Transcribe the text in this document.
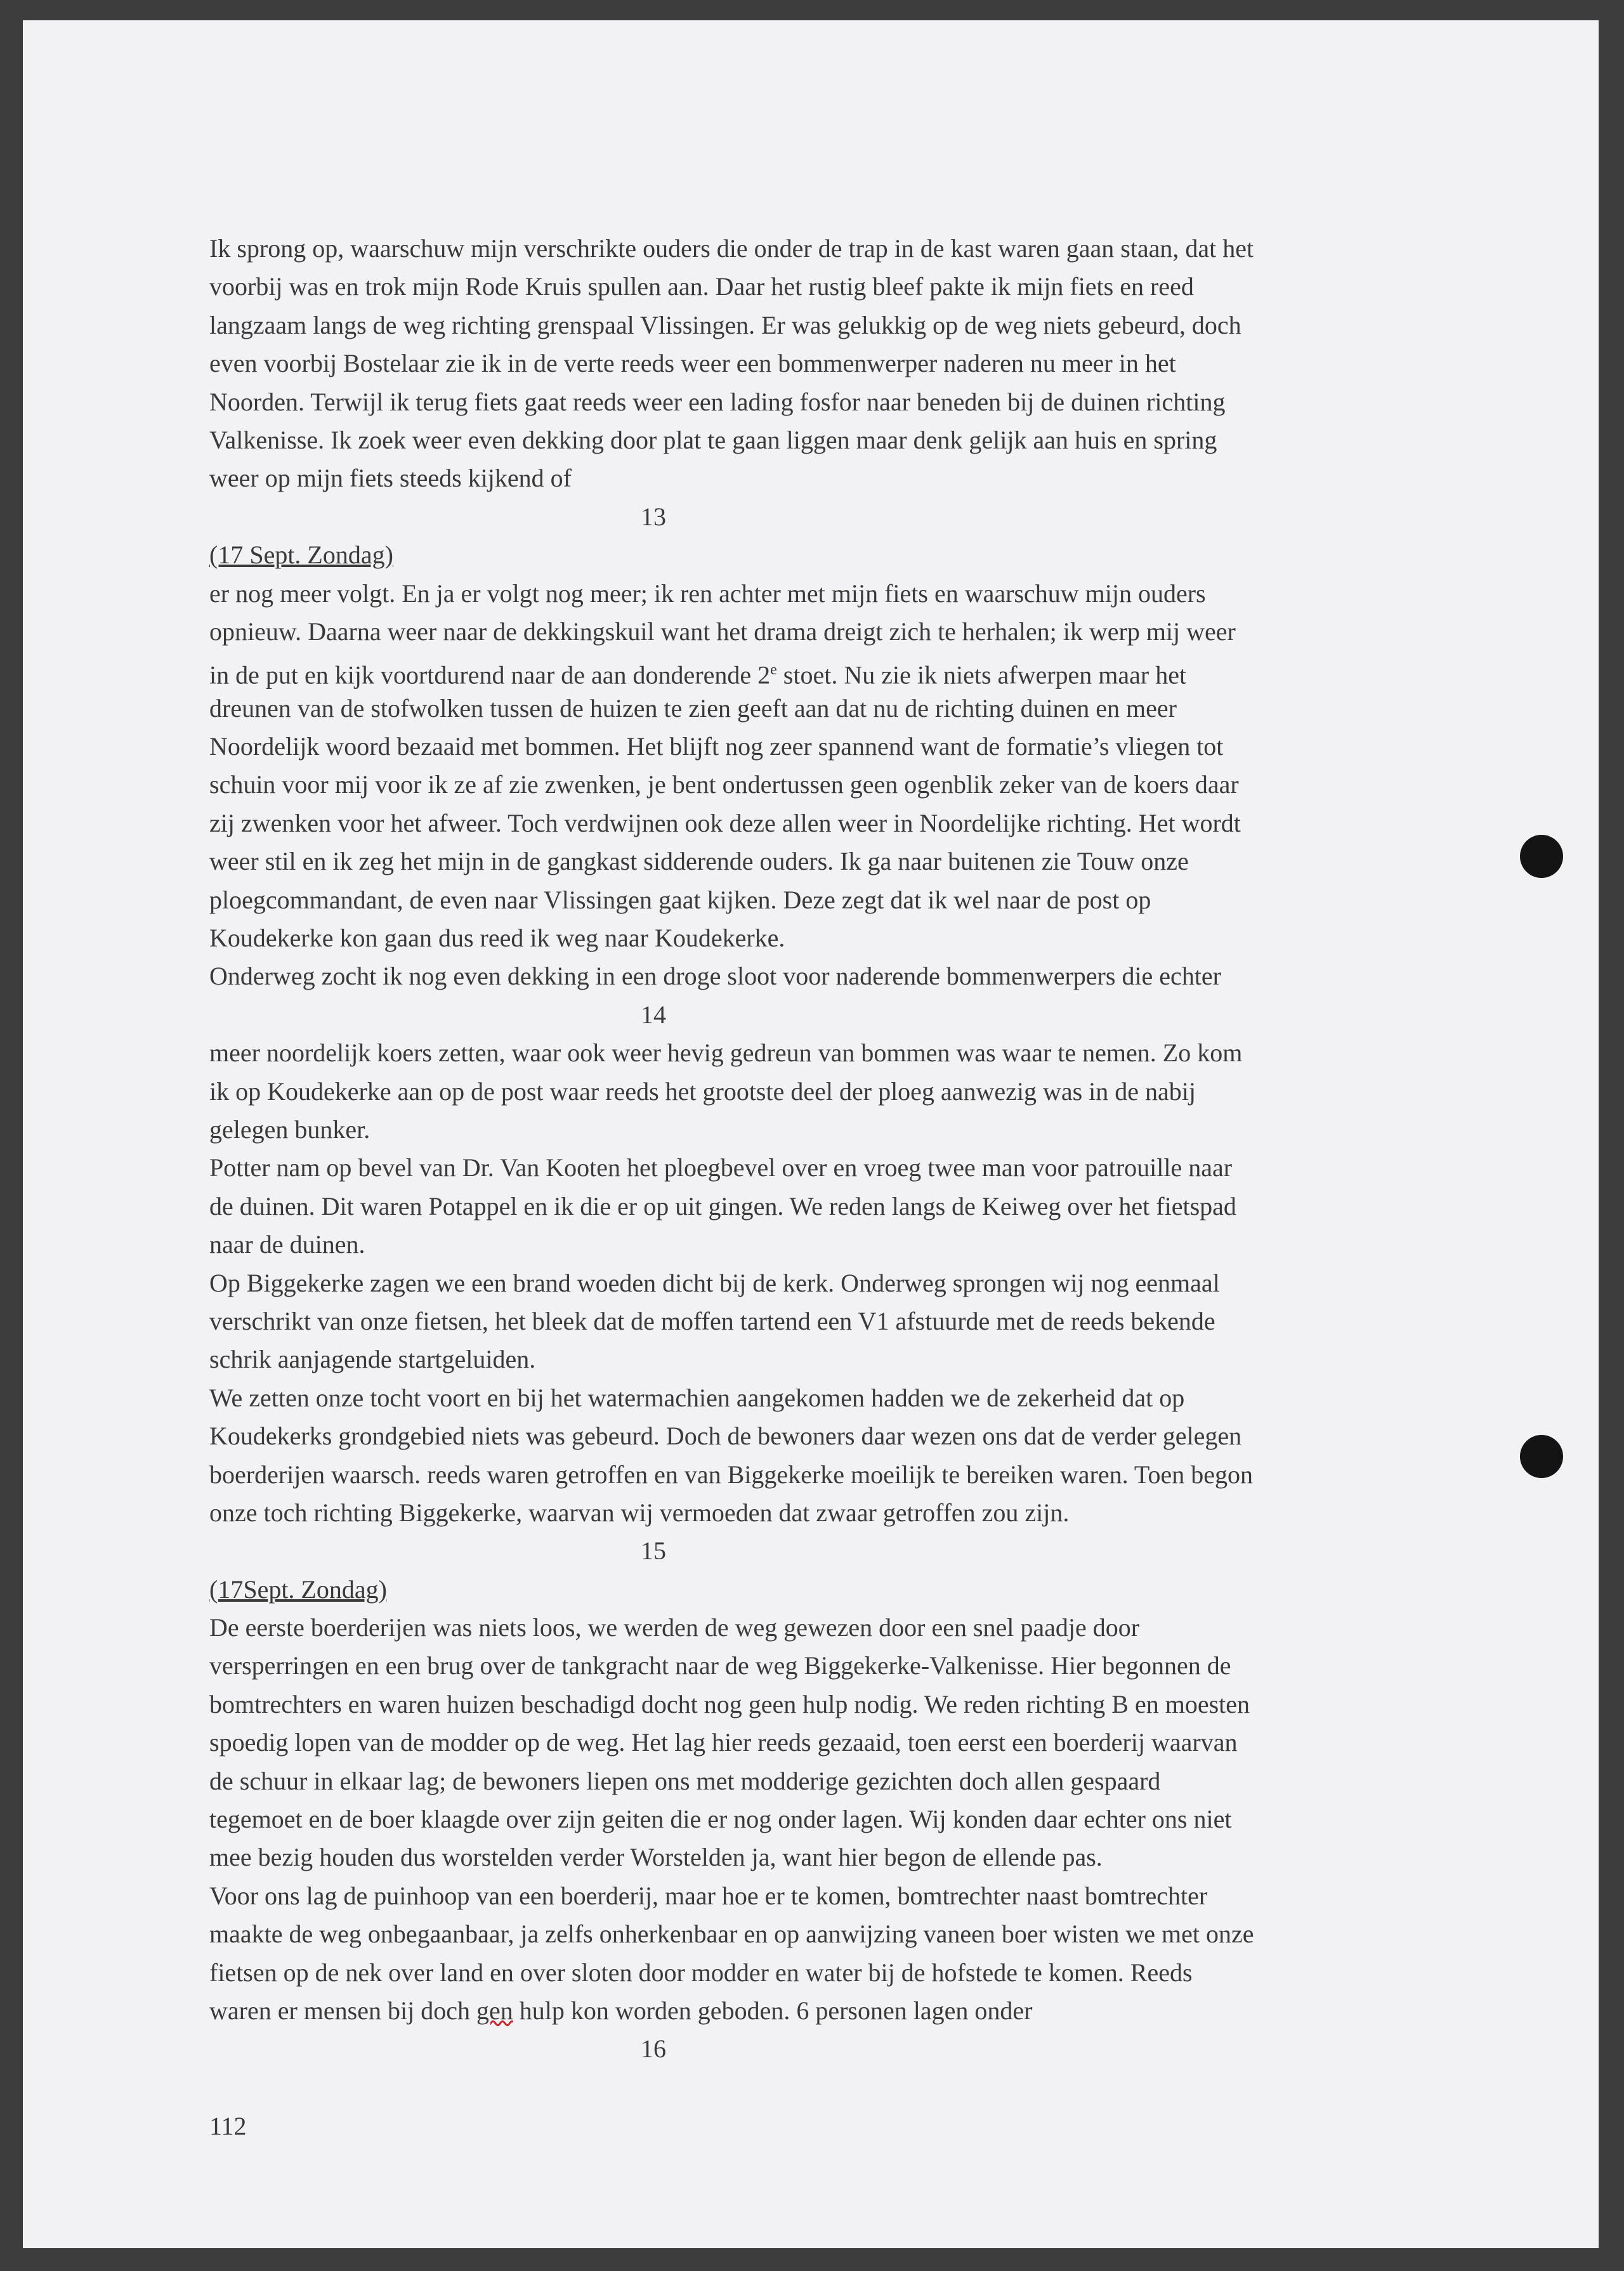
Ik sprong op, waarschuw mijn verschrikte ouders die onder de trap in de kast waren gaan staan, dat het
voorbij was en trok mijn Rode Kruis spullen aan. Daar het rustig bleef pakte ik mijn fiets en reed
langzaam langs de weg richting grenspaal Vlissingen. Er was gelukkig op de weg niets gebeurd, doch
even voorbij Bostelaar zie ik in de verte reeds weer een bommenwerper naderen nu meer in het
Noorden. Terwijl ik terug fiets gaat reeds weer een lading fosfor naar beneden bij de duinen richting
Valkenisse. Ik zoek weer even dekking door plat te gaan liggen maar denk gelijk aan huis en spring
weer op mijn fiets steeds kijkend of
13
(17 Sept. Zondag)
er nog meer volgt. En ja er volgt nog meer; ik ren achter met mijn fiets en waarschuw mijn ouders
opnieuw. Daarna weer naar de dekkingskuil want het drama dreigt zich te herhalen; ik werp mij weer
in de put en kijk voortdurend naar de aan donderende 2e stoet. Nu zie ik niets afwerpen maar het
dreunen van de stofwolken tussen de huizen te zien geeft aan dat nu de richting duinen en meer
Noordelijk woord bezaaid met bommen. Het blijft nog zeer spannend want de formatie’s vliegen tot
schuin voor mij voor ik ze af zie zwenken, je bent ondertussen geen ogenblik zeker van de koers daar
zij zwenken voor het afweer. Toch verdwijnen ook deze allen weer in Noordelijke richting. Het wordt
weer stil en ik zeg het mijn in de gangkast sidderende ouders. Ik ga naar buitenen zie Touw onze
ploegcommandant, de even naar Vlissingen gaat kijken. Deze zegt dat ik wel naar de post op
Koudekerke kon gaan dus reed ik weg naar Koudekerke.
Onderweg zocht ik nog even dekking in een droge sloot voor naderende bommenwerpers die echter
14
meer noordelijk koers zetten, waar ook weer hevig gedreun van bommen was waar te nemen. Zo kom
ik op Koudekerke aan op de post waar reeds het grootste deel der ploeg aanwezig was in de nabij
gelegen bunker.
Potter nam op bevel van Dr. Van Kooten het ploegbevel over en vroeg twee man voor patrouille naar
de duinen. Dit waren Potappel en ik die er op uit gingen. We reden langs de Keiweg over het fietspad
naar de duinen.
Op Biggekerke zagen we een brand woeden dicht bij de kerk. Onderweg sprongen wij nog eenmaal
verschrikt van onze fietsen, het bleek dat de moffen tartend een V1 afstuurde met de reeds bekende
schrik aanjagende startgeluiden.
We zetten onze tocht voort en bij het watermachien aangekomen hadden we de zekerheid dat op
Koudekerks grondgebied niets was gebeurd. Doch de bewoners daar wezen ons dat de verder gelegen
boerderijen waarsch. reeds waren getroffen en van Biggekerke moeilijk te bereiken waren. Toen begon
onze toch richting Biggekerke, waarvan wij vermoeden dat zwaar getroffen zou zijn.
15
(17Sept. Zondag)
De eerste boerderijen was niets loos, we werden de weg gewezen door een snel paadje door
versperringen en een brug over de tankgracht naar de weg Biggekerke-Valkenisse. Hier begonnen de
bomtrechters en waren huizen beschadigd docht nog geen hulp nodig. We reden richting B en moesten
spoedig lopen van de modder op de weg. Het lag hier reeds gezaaid, toen eerst een boerderij waarvan
de schuur in elkaar lag; de bewoners liepen ons met modderige gezichten doch allen gespaard
tegemoet en de boer klaagde over zijn geiten die er nog onder lagen. Wij konden daar echter ons niet
mee bezig houden dus worstelden verder Worstelden ja, want hier begon de ellende pas.
Voor ons lag de puinhoop van een boerderij, maar hoe er te komen, bomtrechter naast bomtrechter
maakte de weg onbegaanbaar, ja zelfs onherkenbaar en op aanwijzing vaneen boer wisten we met onze
fietsen op de nek over land en over sloten door modder en water bij de hofstede te komen. Reeds
waren er mensen bij doch gen hulp kon worden geboden. 6 personen lagen onder
16
112
